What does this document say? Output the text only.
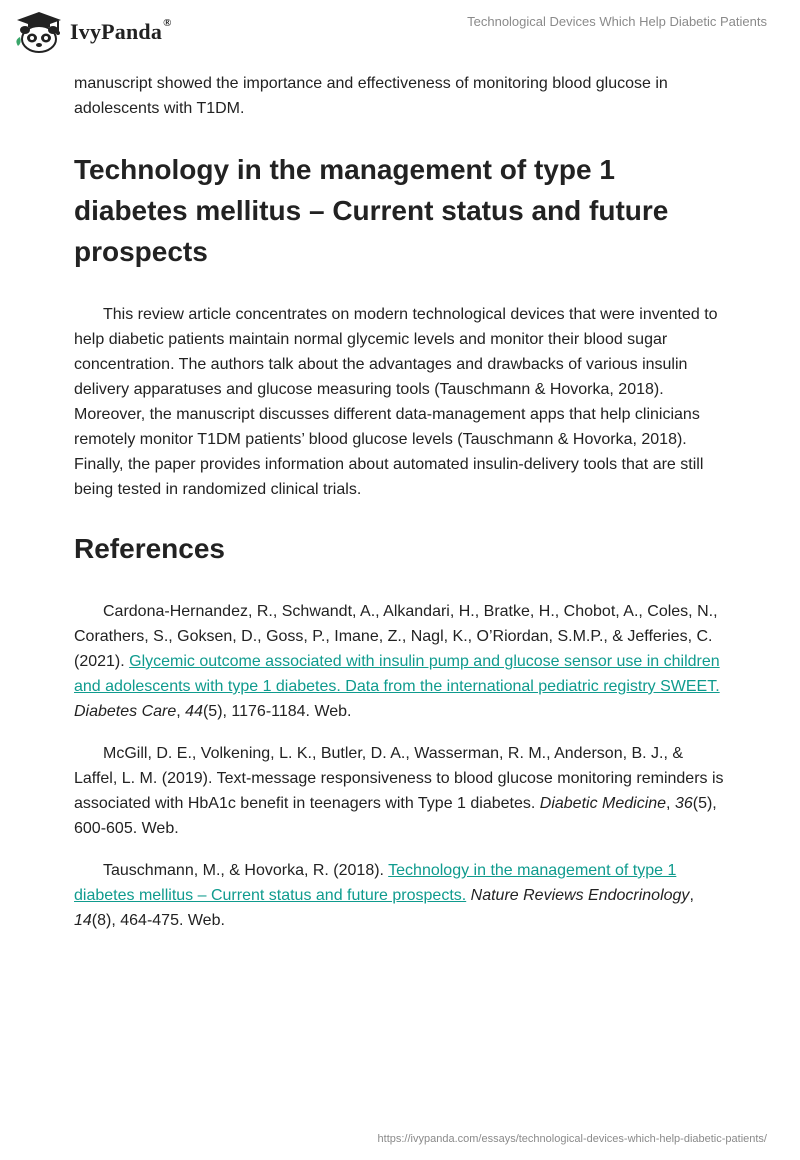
IvyPanda®	Technological Devices Which Help Diabetic Patients

manuscript showed the importance and effectiveness of monitoring blood glucose in adolescents with T1DM.

Technology in the management of type 1 diabetes mellitus – Current status and future prospects

This review article concentrates on modern technological devices that were invented to help diabetic patients maintain normal glycemic levels and monitor their blood sugar concentration. The authors talk about the advantages and drawbacks of various insulin delivery apparatuses and glucose measuring tools (Tauschmann & Hovorka, 2018). Moreover, the manuscript discusses different data-management apps that help clinicians remotely monitor T1DM patients’ blood glucose levels (Tauschmann & Hovorka, 2018). Finally, the paper provides information about automated insulin-delivery tools that are still being tested in randomized clinical trials.

References

Cardona-Hernandez, R., Schwandt, A., Alkandari, H., Bratke, H., Chobot, A., Coles, N., Corathers, S., Goksen, D., Goss, P., Imane, Z., Nagl, K., O’Riordan, S.M.P., & Jefferies, C. (2021). Glycemic outcome associated with insulin pump and glucose sensor use in children and adolescents with type 1 diabetes. Data from the international pediatric registry SWEET. Diabetes Care, 44(5), 1176-1184. Web.

McGill, D. E., Volkening, L. K., Butler, D. A., Wasserman, R. M., Anderson, B. J., & Laffel, L. M. (2019). Text-message responsiveness to blood glucose monitoring reminders is associated with HbA1c benefit in teenagers with Type 1 diabetes. Diabetic Medicine, 36(5), 600-605. Web.

Tauschmann, M., & Hovorka, R. (2018). Technology in the management of type 1 diabetes mellitus – Current status and future prospects. Nature Reviews Endocrinology, 14(8), 464-475. Web.

https://ivypanda.com/essays/technological-devices-which-help-diabetic-patients/
